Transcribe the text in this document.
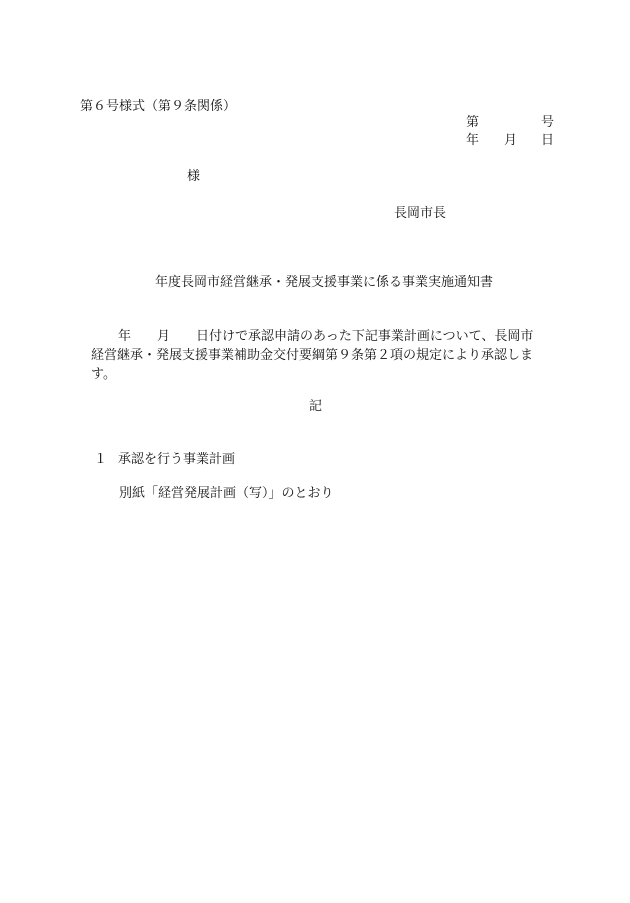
第６号様式（第９条関係）
第	号
年 月 日
様
長岡市長
年度長岡市経営継承・発展支援事業に係る事業実施通知書
年　　月　　日付けで承認申請のあった下記事業計画について、長岡市
経営継承・発展支援事業補助金交付要綱第９条第２項の規定により承認しま
す。
記
１ 承認を行う事業計画
別紙「経営発展計画（写）」のとおり
